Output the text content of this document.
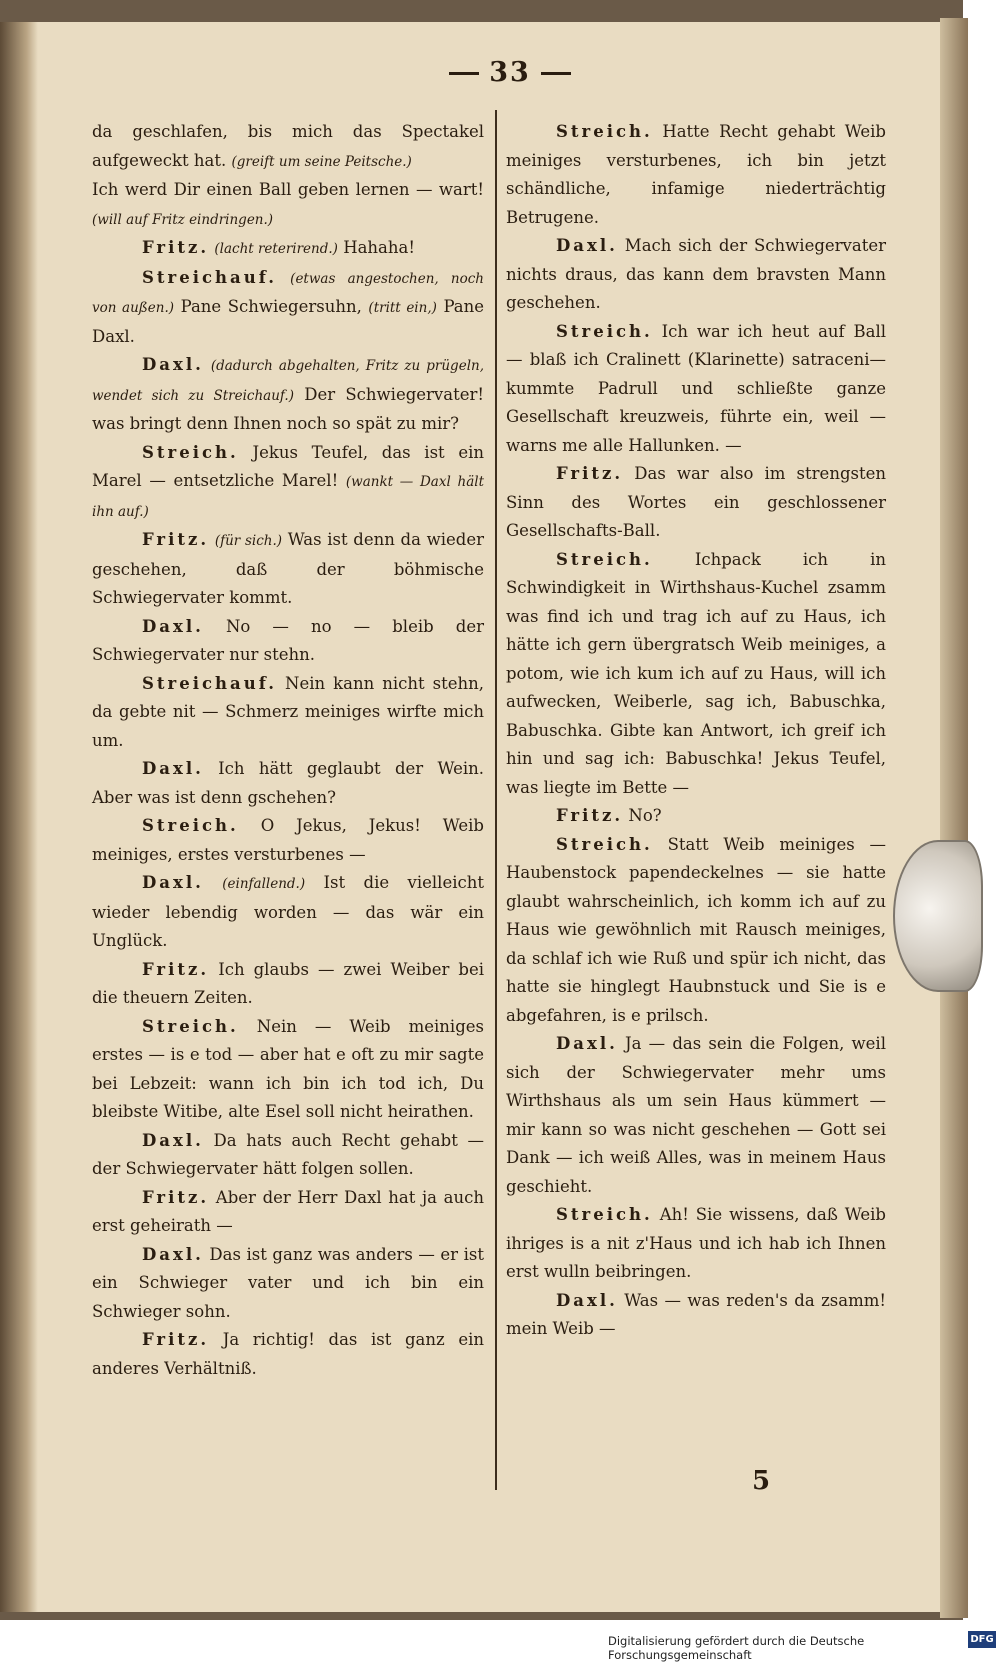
33

da geschlafen, bis mich das Spectakel aufgeweckt hat. (greift um seine Peitsche.)

Ich werd Dir einen Ball geben lernen — wart! (will auf Fritz eindringen.)

Fritz. (lacht reterirend.) Hahaha!

Streichauf. (etwas angestochen, noch von außen.) Pane Schwiegersuhn, (tritt ein,) Pane Daxl.

Daxl. (dadurch abgehalten, Fritz zu prügeln, wendet sich zu Streichauf.) Der Schwiegervater! was bringt denn Ihnen noch so spät zu mir?

Streich. Jekus Teufel, das ist ein Marel — entsetzliche Marel! (wankt — Daxl hält ihn auf.)

Fritz. (für sich.) Was ist denn da wieder geschehen, daß der böhmische Schwiegervater kommt.

Daxl. No — no — bleib der Schwiegervater nur stehn.

Streichauf. Nein kann nicht stehn, da gebte nit — Schmerz meiniges wirfte mich um.

Daxl. Ich hätt geglaubt der Wein. Aber was ist denn gschehen?

Streich. O Jekus, Jekus! Weib meiniges, erstes versturbenes —

Daxl. (einfallend.) Ist die vielleicht wieder lebendig worden — das wär ein Unglück.

Fritz. Ich glaubs — zwei Weiber bei die theuern Zeiten.

Streich. Nein — Weib meiniges erstes — is e tod — aber hat e oft zu mir sagte bei Lebzeit: wann ich bin ich tod ich, Du bleibste Witibe, alte Esel soll nicht heirathen.

Daxl. Da hats auch Recht gehabt — der Schwiegervater hätt folgen sollen.

Fritz. Aber der Herr Daxl hat ja auch erst geheirath —

Daxl. Das ist ganz was anders — er ist ein Schwieger vater und ich bin ein Schwieger sohn.

Fritz. Ja richtig! das ist ganz ein anderes Verhältniß.

Streich. Hatte Recht gehabt Weib meiniges versturbenes, ich bin jetzt schändliche, infamige niederträchtig Betrugene.

Daxl. Mach sich der Schwiegervater nichts draus, das kann dem bravsten Mann geschehen.

Streich. Ich war ich heut auf Ball — blaß ich Cralinett (Klarinette) satraceni—kummte Padrull und schließte ganze Gesellschaft kreuzweis, führte ein, weil — warns me alle Hallunken. —

Fritz. Das war also im strengsten Sinn des Wortes ein geschlossener Gesellschafts-Ball.

Streich.	Ichpack ich in Schwindigkeit in Wirthshaus-Kuchel zsamm was find ich und trag ich auf zu Haus, ich hätte ich gern übergratsch Weib meiniges, a potom, wie ich kum ich auf zu Haus, will ich aufwecken, Weiberle, sag ich, Babuschka, Babuschka. Gibte kan Antwort, ich greif ich hin und sag ich: Babuschka! Jekus Teufel, was liegte im Bette —

Fritz. No?

Streich. Statt Weib meiniges — Haubenstock papendeckelnes — sie hatte glaubt wahrscheinlich, ich komm ich auf zu Haus wie gewöhnlich mit Rausch meiniges, da schlaf ich wie Ruß und spür ich nicht, das hatte sie hinglegt Haubnstuck und Sie is e abgefahren, is e prilsch.

Daxl. Ja — das sein die Folgen, weil sich der Schwiegervater mehr ums Wirthshaus als um sein Haus kümmert — mir kann so was nicht geschehen — Gott sei Dank — ich weiß Alles, was in meinem Haus geschieht.

Streich. Ah! Sie wissens, daß Weib ihriges is a nit z'Haus und ich hab ich Ihnen erst wulln beibringen.

Daxl. Was — was reden's da zsamm! mein Weib —

5
Digitalisierung gefördert durch die Deutsche Forschungsgemeinschaft
DFG
